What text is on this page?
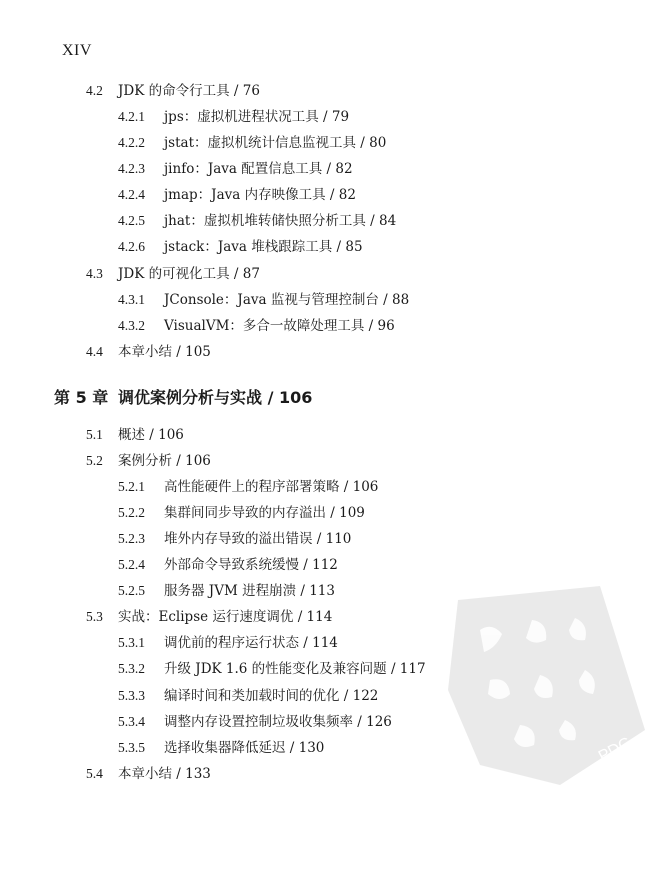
XIV
4.2 JDK 的命令行工具 / 76
4.2.1 jps：虚拟机进程状况工具 / 79
4.2.2 jstat：虚拟机统计信息监视工具 / 80
4.2.3 jinfo：Java 配置信息工具 / 82
4.2.4 jmap：Java 内存映像工具 / 82
4.2.5 jhat：虚拟机堆转储快照分析工具 / 84
4.2.6 jstack：Java 堆栈跟踪工具 / 85
4.3 JDK 的可视化工具 / 87
4.3.1 JConsole：Java 监视与管理控制台 / 88
4.3.2 VisualVM：多合一故障处理工具 / 96
4.4 本章小结 / 105
第 5 章 调优案例分析与实战 / 106
5.1 概述 / 106
5.2 案例分析 / 106
5.2.1 高性能硬件上的程序部署策略 / 106
5.2.2 集群间同步导致的内存溢出 / 109
5.2.3 堆外内存导致的溢出错误 / 110
5.2.4 外部命令导致系统缓慢 / 112
5.2.5 服务器 JVM 进程崩溃 / 113
5.3 实战：Eclipse 运行速度调优 / 114
5.3.1 调优前的程序运行状态 / 114
5.3.2 升级 JDK 1.6 的性能变化及兼容问题 / 117
5.3.3 编译时间和类加载时间的优化 / 122
5.3.4 调整内存设置控制垃圾收集频率 / 126
5.3.5 选择收集器降低延迟 / 130
5.4 本章小结 / 133
PDG
